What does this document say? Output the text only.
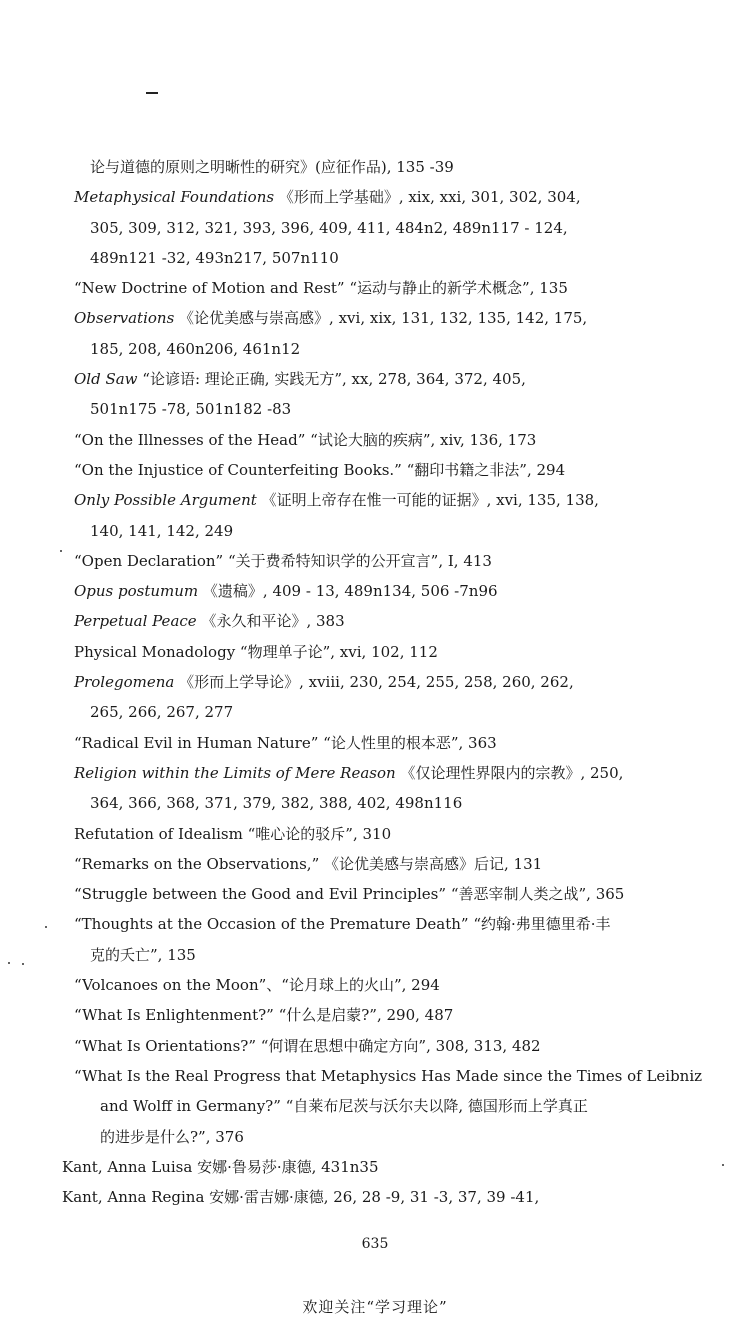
论与道德的原则之明晰性的研究》(应征作品), 135 -39
Metaphysical Foundations 《形而上学基础》, xix, xxi, 301, 302, 304,
305, 309, 312, 321, 393, 396, 409, 411, 484n2, 489n117 - 124,
489n121 -32, 493n217, 507n110
“New Doctrine of Motion and Rest” “运动与静止的新学术概念”, 135
Observations 《论优美感与崇高感》, xvi, xix, 131, 132, 135, 142, 175,
185, 208, 460n206, 461n12
Old Saw “论谚语: 理论正确, 实践无方”, xx, 278, 364, 372, 405,
501n175 -78, 501n182 -83
“On the Illnesses of the Head” “试论大脑的疾病”, xiv, 136, 173
“On the Injustice of Counterfeiting Books.” “翻印书籍之非法”, 294
Only Possible Argument 《证明上帝存在惟一可能的证据》, xvi, 135, 138,
140, 141, 142, 249
“Open Declaration” “关于费希特知识学的公开宣言”, I, 413
Opus postumum 《遗稿》, 409 - 13, 489n134, 506 -7n96
Perpetual Peace 《永久和平论》, 383
Physical Monadology “物理单子论”, xvi, 102, 112
Prolegomena 《形而上学导论》, xviii, 230, 254, 255, 258, 260, 262,
265, 266, 267, 277
“Radical Evil in Human Nature” “论人性里的根本恶”, 363
Religion within the Limits of Mere Reason 《仅论理性界限内的宗教》, 250,
364, 366, 368, 371, 379, 382, 388, 402, 498n116
Refutation of Idealism “唯心论的驳斥”, 310
“Remarks on the Observations,” 《论优美感与崇高感》后记, 131
“Struggle between the Good and Evil Principles” “善恶宰制人类之战”, 365
“Thoughts at the Occasion of the Premature Death” “约翰·弗里德里希·丰
克的夭亡”, 135
“Volcanoes on the Moon”、“论月球上的火山”, 294
“What Is Enlightenment?” “什么是启蒙?”, 290, 487
“What Is Orientations?” “何谓在思想中确定方向”, 308, 313, 482
“What Is the Real Progress that Metaphysics Has Made since the Times of Leibniz
and Wolff in Germany?” “自莱布尼茨与沃尔夫以降, 德国形而上学真正
的进步是什么?”, 376
Kant, Anna Luisa 安娜·鲁易莎·康德, 431n35
Kant, Anna Regina 安娜·雷吉娜·康德, 26, 28 -9, 31 -3, 37, 39 -41,
635
欢迎关注“学习理论”
